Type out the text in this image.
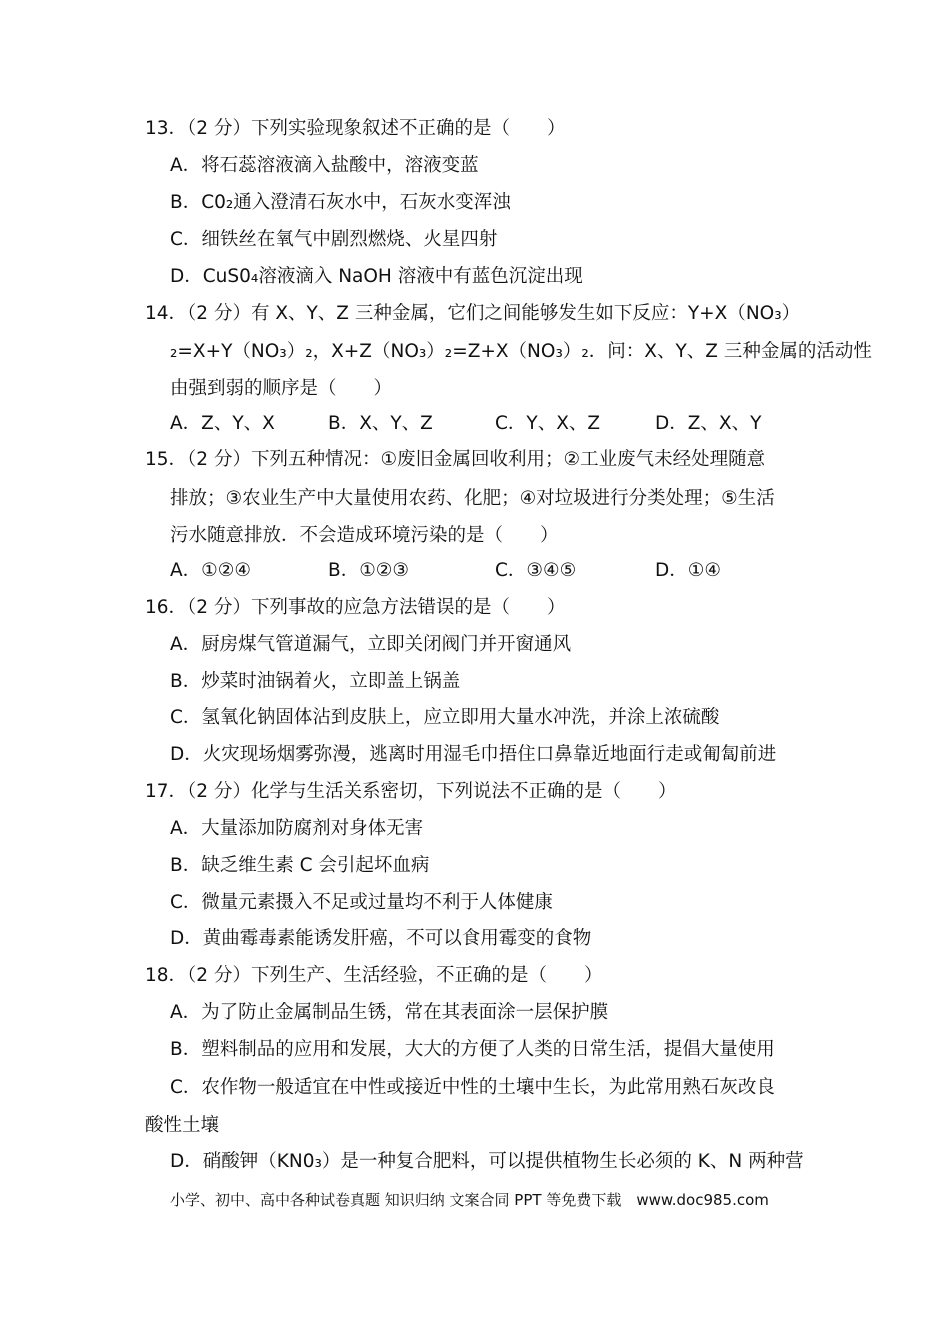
13．（2 分）下列实验现象叙述不正确的是（　　）
A．将石蕊溶液滴入盐酸中，溶液变蓝
B．C0₂通入澄清石灰水中，石灰水变浑浊
C．细铁丝在氧气中剧烈燃烧、火星四射
D．CuS0₄溶液滴入 NaOH 溶液中有蓝色沉淀出现
14．（2 分）有 X、Y、Z 三种金属，它们之间能够发生如下反应：Y+X（NO₃）
₂=X+Y（NO₃）₂，X+Z（NO₃）₂=Z+X（NO₃）₂．问：X、Y、Z 三种金属的活动性
由强到弱的顺序是（　　）
A．Z、Y、X	B．X、Y、Z	C．Y、X、Z	D．Z、X、Y
15．（2 分）下列五种情况：①废旧金属回收利用；②工业废气未经处理随意
排放；③农业生产中大量使用农药、化肥；④对垃圾进行分类处理；⑤生活
污水随意排放．不会造成环境污染的是（　　）
A．①②④	B．①②③	C．③④⑤	D．①④
16．（2 分）下列事故的应急方法错误的是（　　）
A．厨房煤气管道漏气，立即关闭阀门并开窗通风
B．炒菜时油锅着火，立即盖上锅盖
C．氢氧化钠固体沾到皮肤上，应立即用大量水冲洗，并涂上浓硫酸
D．火灾现场烟雾弥漫，逃离时用湿毛巾捂住口鼻靠近地面行走或匍匐前进
17．（2 分）化学与生活关系密切，下列说法不正确的是（　　）
A．大量添加防腐剂对身体无害
B．缺乏维生素 C 会引起坏血病
C．微量元素摄入不足或过量均不利于人体健康
D．黄曲霉毒素能诱发肝癌，不可以食用霉变的食物
18．（2 分）下列生产、生活经验，不正确的是（　　）
A．为了防止金属制品生锈，常在其表面涂一层保护膜
B．塑料制品的应用和发展，大大的方便了人类的日常生活，提倡大量使用
C．农作物一般适宜在中性或接近中性的土壤中生长，为此常用熟石灰改良
酸性土壤
D．硝酸钾（KN0₃）是一种复合肥料，可以提供植物生长必须的 K、N 两种营
小学、初中、高中各种试卷真题 知识归纳 文案合同 PPT 等免费下载　www.doc985.com
